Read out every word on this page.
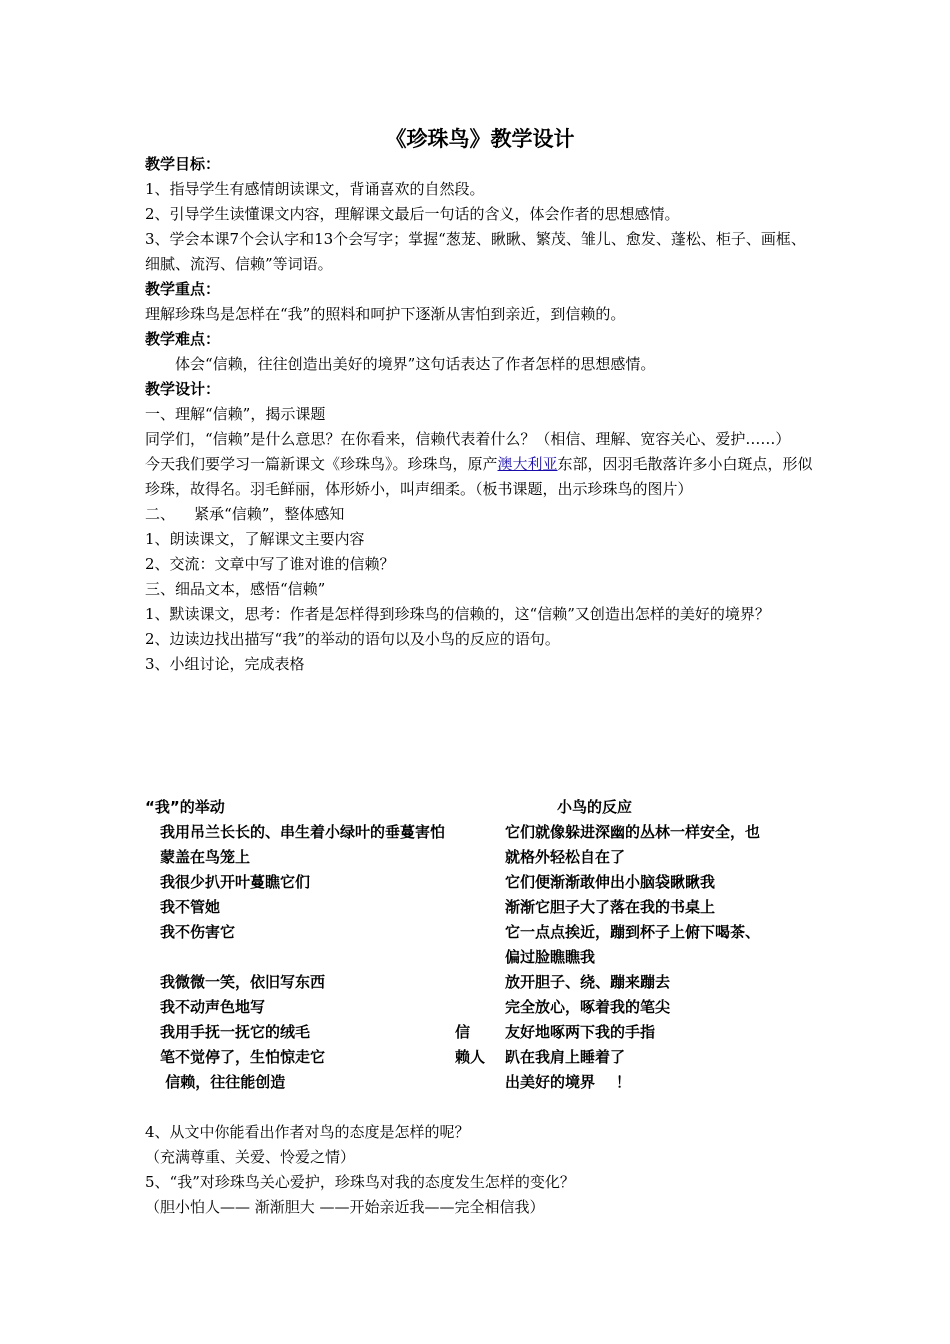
《珍珠鸟》教学设计
教学目标：
1、指导学生有感情朗读课文，背诵喜欢的自然段。
2、引导学生读懂课文内容，理解课文最后一句话的含义，体会作者的思想感情。
3、学会本课7个会认字和13个会写字；掌握“葱茏、瞅瞅、繁茂、雏儿、愈发、蓬松、柜子、画框、细腻、流泻、信赖”等词语。
教学重点：
理解珍珠鸟是怎样在“我”的照料和呵护下逐渐从害怕到亲近，到信赖的。
教学难点：
体会“信赖，往往创造出美好的境界”这句话表达了作者怎样的思想感情。
教学设计：
一、理解“信赖”，揭示课题
同学们，“信赖”是什么意思？在你看来，信赖代表着什么？（相信、理解、宽容关心、爱护……）
今天我们要学习一篇新课文《珍珠鸟》。珍珠鸟，原产澳大利亚东部，因羽毛散落许多小白斑点，形似珍珠，故得名。羽毛鲜丽，体形娇小，叫声细柔。（板书课题，出示珍珠鸟的图片）
二、    紧承“信赖”，整体感知
1、朗读课文，了解课文主要内容
2、交流：文章中写了谁对谁的信赖？
三、细品文本，感悟“信赖”
1、默读课文，思考：作者是怎样得到珍珠鸟的信赖的，这“信赖”又创造出怎样的美好的境界？
2、边读边找出描写“我”的举动的语句以及小鸟的反应的语句。
3、小组讨论，完成表格
“我”的举动	小鸟的反应
我用吊兰长长的、串生着小绿叶的垂蔓害怕	它们就像躲进深幽的丛林一样安全，也
蒙盖在鸟笼上	就格外轻松自在了
我很少扒开叶蔓瞧它们	它们便渐渐敢伸出小脑袋瞅瞅我
我不管她	渐渐它胆子大了落在我的书桌上
我不伤害它	它一点点挨近，蹦到杯子上俯下喝茶、
偏过脸瞧瞧我
我微微一笑，依旧写东西	放开胆子、绕、蹦来蹦去
我不动声色地写	完全放心，啄着我的笔尖
我用手抚一抚它的绒毛	信 友好地啄两下我的手指
笔不觉停了，生怕惊走它	赖人 趴在我肩上睡着了
信赖，往往能创造	出美好的境界    ！
4、从文中你能看出作者对鸟的态度是怎样的呢？
（充满尊重、关爱、怜爱之情）
5、“我”对珍珠鸟关心爱护，珍珠鸟对我的态度发生怎样的变化？
（胆小怕人—— 渐渐胆大 ——开始亲近我——完全相信我）
